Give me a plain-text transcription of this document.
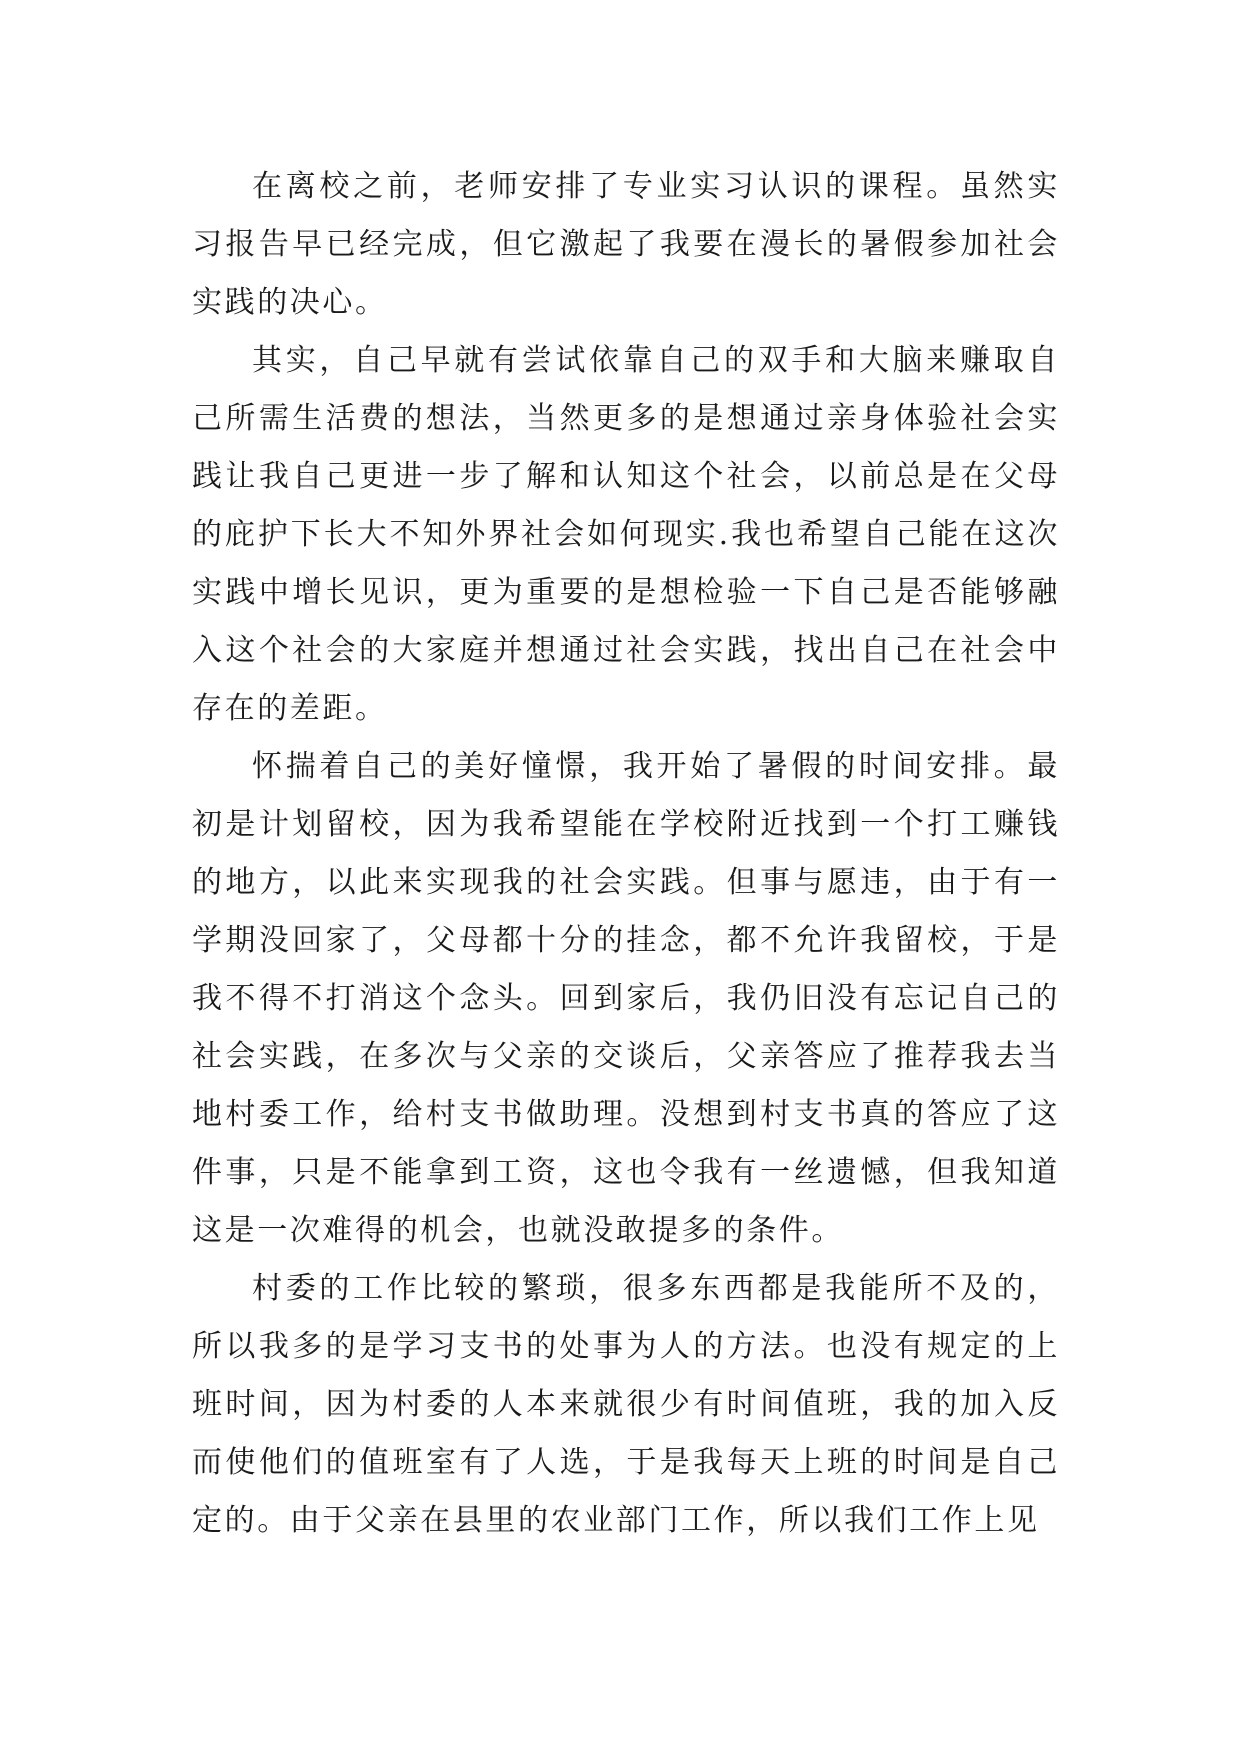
在离校之前，老师安排了专业实习认识的课程。虽然实习报告早已经完成，但它激起了我要在漫长的暑假参加社会实践的决心。

其实，自己早就有尝试依靠自己的双手和大脑来赚取自己所需生活费的想法，当然更多的是想通过亲身体验社会实践让我自己更进一步了解和认知这个社会，以前总是在父母的庇护下长大不知外界社会如何现实.我也希望自己能在这次实践中增长见识，更为重要的是想检验一下自己是否能够融入这个社会的大家庭并想通过社会实践，找出自己在社会中存在的差距。

怀揣着自己的美好憧憬，我开始了暑假的时间安排。最初是计划留校，因为我希望能在学校附近找到一个打工赚钱的地方，以此来实现我的社会实践。但事与愿违，由于有一学期没回家了，父母都十分的挂念，都不允许我留校，于是我不得不打消这个念头。回到家后，我仍旧没有忘记自己的社会实践，在多次与父亲的交谈后，父亲答应了推荐我去当地村委工作，给村支书做助理。没想到村支书真的答应了这件事，只是不能拿到工资，这也令我有一丝遗憾，但我知道这是一次难得的机会，也就没敢提多的条件。

村委的工作比较的繁琐，很多东西都是我能所不及的，所以我多的是学习支书的处事为人的方法。也没有规定的上班时间，因为村委的人本来就很少有时间值班，我的加入反而使他们的值班室有了人选，于是我每天上班的时间是自己定的。由于父亲在县里的农业部门工作，所以我们工作上见
